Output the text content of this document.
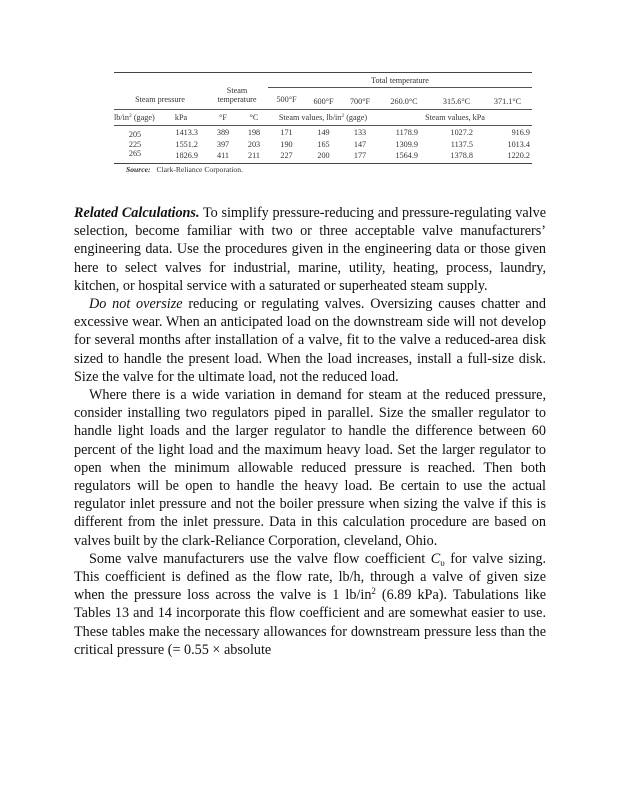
Steam pressure		Steam
temperature		Total temperature					
				500°F	600°F	700°F	260.0°C	315.6°C	371.1°C
$lb/in^2$ (gage)	kPa	°F	°C	Steam values, $lb/in^2$ (gage)			Steam values, kPa		
205	1413.3	389	198	171	149	133	1178.9	1027.2	916.9
225	1551.2	397	203	190	165	147	1309.9	1137.5	1013.4
265	1826.9	411	211	227	200	177	1564.9	1378.8	1220.2
Source: Clark-Reliance Corporation.

Related Calculations. To simplify pressure-reducing and pressure-regulating valve selection, become familiar with two or three acceptable valve manufacturers’ engineering data. Use the procedures given in the engineering data or those given here to select valves for industrial, marine, utility, heating, process, laundry, kitchen, or hospital service with a saturated or superheated steam supply.

Do not oversize reducing or regulating valves. Oversizing causes chatter and excessive wear. When an anticipated load on the downstream side will not develop for several months after installation of a valve, fit to the valve a reduced-area disk sized to handle the present load. When the load increases, install a full-size disk. Size the valve for the ultimate load, not the reduced load.

Where there is a wide variation in demand for steam at the reduced pressure, consider installing two regulators piped in parallel. Size the smaller regulator to handle light loads and the larger regulator to handle the difference between 60 percent of the light load and the maximum heavy load. Set the larger regulator to open when the minimum allowable reduced pressure is reached. Then both regulators will be open to handle the heavy load. Be certain to use the actual regulator inlet pressure and not the boiler pressure when sizing the valve if this is different from the inlet pressure. Data in this calculation procedure are based on valves built by the clark-Reliance Corporation, cleveland, Ohio.

Some valve manufacturers use the valve flow coefficient $C_\upsilon$ for valve sizing. This coefficient is defined as the flow rate, lb/h, through a valve of given size when the pressure loss across the valve is 1 $lb/in^2$ (6.89 kPa). Tabulations like Tables 13 and 14 incorporate this flow coefficient and are somewhat easier to use. These tables make the necessary allowances for downstream pressure less than the critical pressure (= 0.55 × absolute
